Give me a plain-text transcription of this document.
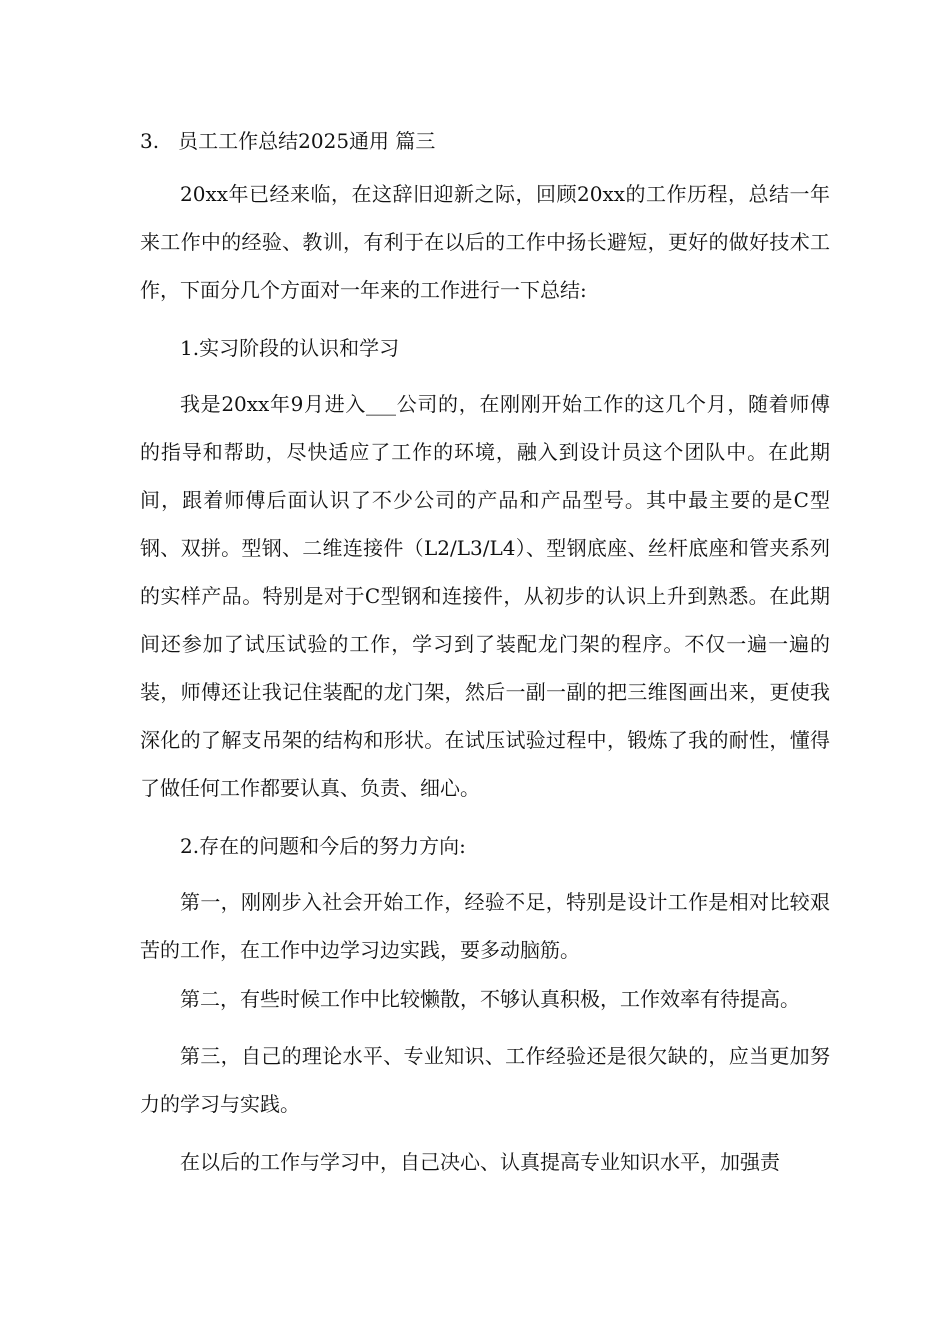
3.   员工工作总结2025通用 篇三

20xx年已经来临，在这辞旧迎新之际，回顾20xx的工作历程，总结一年来工作中的经验、教训，有利于在以后的工作中扬长避短，更好的做好技术工作，下面分几个方面对一年来的工作进行一下总结:

1.实习阶段的认识和学习

我是20xx年9月进入___公司的，在刚刚开始工作的这几个月，随着师傅的指导和帮助，尽快适应了工作的环境，融入到设计员这个团队中。在此期间，跟着师傅后面认识了不少公司的产品和产品型号。其中最主要的是C型钢、双拼。型钢、二维连接件（L2/L3/L4）、型钢底座、丝杆底座和管夹系列的实样产品。特别是对于C型钢和连接件，从初步的认识上升到熟悉。在此期间还参加了试压试验的工作，学习到了装配龙门架的程序。不仅一遍一遍的装，师傅还让我记住装配的龙门架，然后一副一副的把三维图画出来，更使我深化的了解支吊架的结构和形状。在试压试验过程中，锻炼了我的耐性，懂得了做任何工作都要认真、负责、细心。

2.存在的问题和今后的努力方向:

第一，刚刚步入社会开始工作，经验不足，特别是设计工作是相对比较艰苦的工作，在工作中边学习边实践，要多动脑筋。

第二，有些时候工作中比较懒散，不够认真积极，工作效率有待提高。

第三，自己的理论水平、专业知识、工作经验还是很欠缺的，应当更加努力的学习与实践。

在以后的工作与学习中，自己决心、认真提高专业知识水平，加强责
